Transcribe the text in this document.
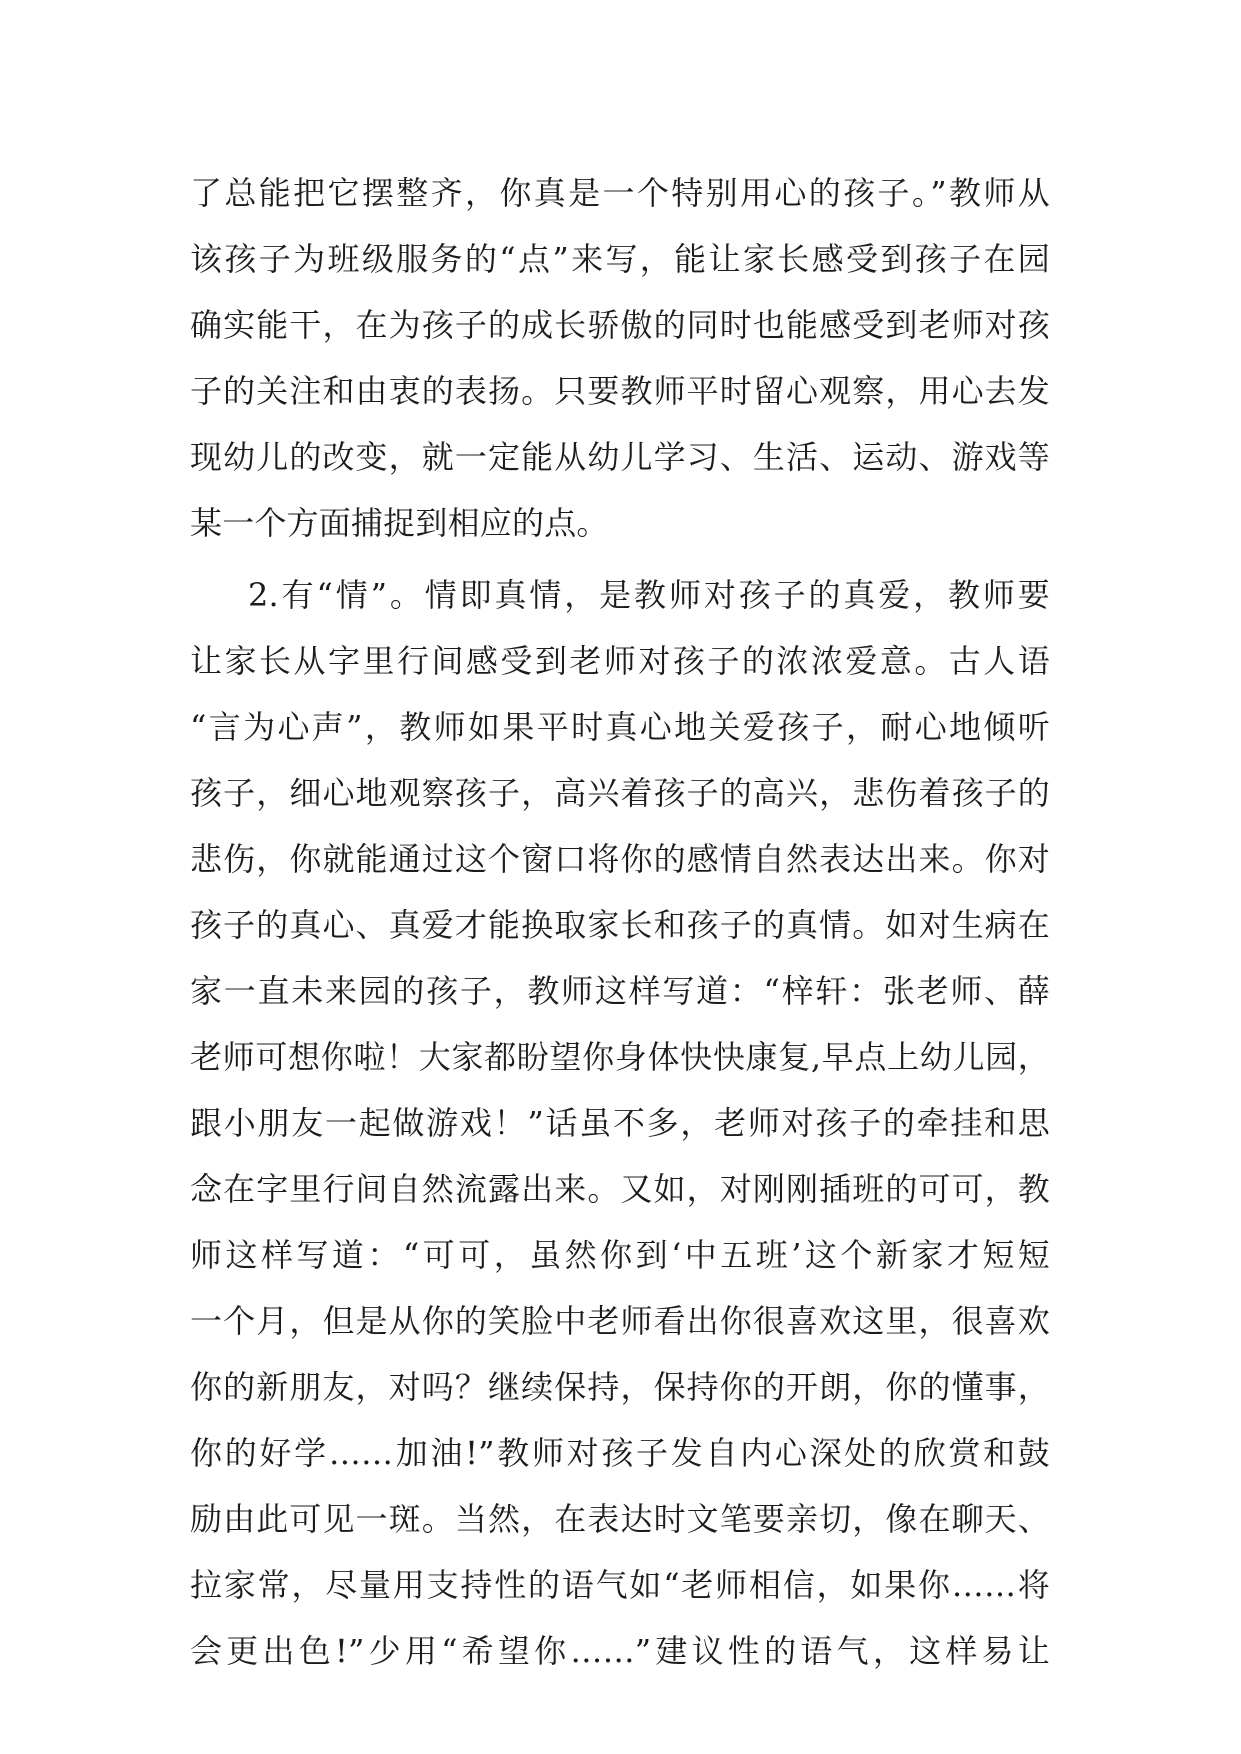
了总能把它摆整齐，你真是一个特别用心的孩子。”教师从
该孩子为班级服务的“点”来写，能让家长感受到孩子在园
确实能干，在为孩子的成长骄傲的同时也能感受到老师对孩
子的关注和由衷的表扬。只要教师平时留心观察，用心去发
现幼儿的改变，就一定能从幼儿学习、生活、运动、游戏等
某一个方面捕捉到相应的点。
2.有“情”。情即真情，是教师对孩子的真爱，教师要
让家长从字里行间感受到老师对孩子的浓浓爱意。古人语
“言为心声”，教师如果平时真心地关爱孩子，耐心地倾听
孩子，细心地观察孩子，高兴着孩子的高兴，悲伤着孩子的
悲伤，你就能通过这个窗口将你的感情自然表达出来。你对
孩子的真心、真爱才能换取家长和孩子的真情。如对生病在
家一直未来园的孩子，教师这样写道：“梓轩：张老师、薛
老师可想你啦！大家都盼望你身体快快康复,早点上幼儿园，
跟小朋友一起做游戏！”话虽不多，老师对孩子的牵挂和思
念在字里行间自然流露出来。又如，对刚刚插班的可可，教
师这样写道：“可可，虽然你到‘中五班’这个新家才短短
一个月，但是从你的笑脸中老师看出你很喜欢这里，很喜欢
你的新朋友，对吗？继续保持，保持你的开朗，你的懂事，
你的好学……加油!”教师对孩子发自内心深处的欣赏和鼓
励由此可见一斑。当然，在表达时文笔要亲切，像在聊天、
拉家常，尽量用支持性的语气如“老师相信，如果你……将
会更出色!”少用“希望你……”建议性的语气，这样易让
